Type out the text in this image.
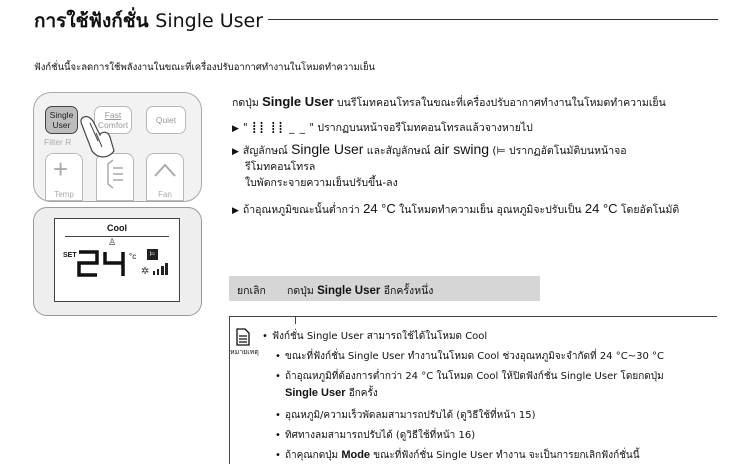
การใช้ฟังก์ชั่น Single User
ฟังก์ชั่นนี้จะลดการใช้พลังงานในขณะที่เครื่องปรับอากาศทำงานในโหมดทำความเย็น
Single
User
Fast
Comfort	Quiet
Filter R
+
Temp	Fan
Cool
♙
SET	°c	⊨
✲
กดปุ่ม Single User บนรีโมทคอนโทรลในขณะที่เครื่องปรับอากาศทำงานในโหมดทำความเย็น
▶ " ┋┋ ┋┋ _ _ " ปรากฏบนหน้าจอรีโมทคอนโทรลแล้วจางหายไป
▶ สัญลักษณ์ Single User และสัญลักษณ์ air swing (⊨ ปรากฏอัตโนมัติบนหน้าจอ
รีโมทคอนโทรล
ใบพัดกระจายความเย็นปรับขึ้น-ลง
▶ ถ้าอุณหภูมิขณะนั้นต่ำกว่า 24 °C ในโหมดทำความเย็น อุณหภูมิจะปรับเป็น 24 °C โดยอัตโนมัติ
ยกเลิก กดปุ่ม Single User อีกครั้งหนึ่ง
หมายเหตุ
• ฟังก์ชั่น Single User สามารถใช้ได้ในโหมด Cool
• ขณะที่ฟังก์ชั่น Single User ทำงานในโหมด Cool ช่วงอุณหภูมิจะจำกัดที่ 24 °C~30 °C
• ถ้าอุณหภูมิที่ต้องการต่ำกว่า 24 °C ในโหมด Cool ให้ปิดฟังก์ชั่น Single User โดยกดปุ่ม
Single User อีกครั้ง
• อุณหภูมิ/ความเร็วพัดลมสามารถปรับได้ (ดูวิธีใช้ที่หน้า 15)
• ทิศทางลมสามารถปรับได้ (ดูวิธีใช้ที่หน้า 16)
• ถ้าคุณกดปุ่ม Mode ขณะที่ฟังก์ชั่น Single User ทำงาน จะเป็นการยกเลิกฟังก์ชั่นนี้
